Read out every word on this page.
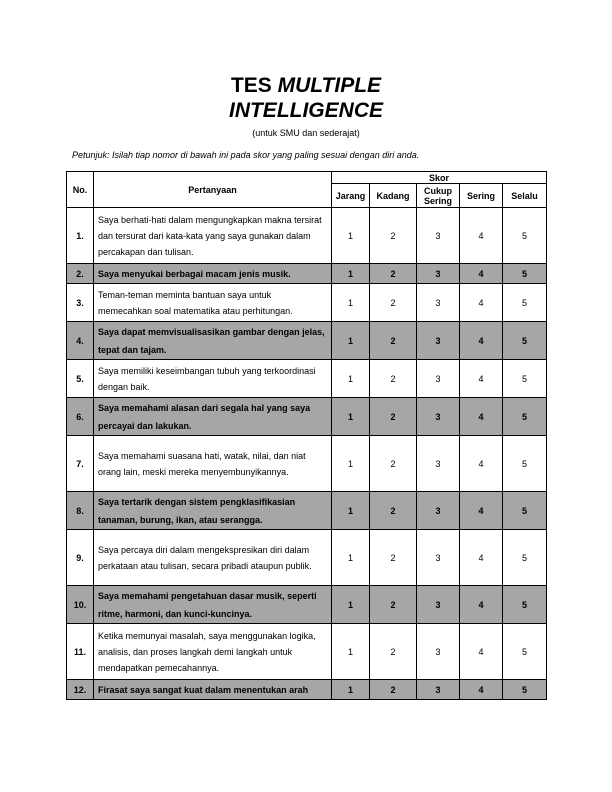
TES MULTIPLE
INTELLIGENCE
(untuk SMU dan sederajat)
Petunjuk: Isilah tiap nomor di bawah ini pada skor yang paling sesuai dengan diri anda.
No.	Pertanyaan	Skor				
		Jarang	Kadang	Cukup Sering	Sering	Selalu
1.	Saya berhati-hati dalam mengungkapkan makna tersirat dan tersurat dari kata-kata yang saya gunakan dalam percakapan dan tulisan.	1	2	3	4	5
2.	Saya menyukai berbagai macam jenis musik.	1	2	3	4	5
3.	Teman-teman meminta bantuan saya untuk memecahkan soal matematika atau perhitungan.	1	2	3	4	5
4.	Saya dapat memvisualisasikan gambar dengan jelas, tepat dan tajam.	1	2	3	4	5
5.	Saya memiliki keseimbangan tubuh yang terkoordinasi dengan baik.	1	2	3	4	5
6.	Saya memahami alasan dari segala hal yang saya percayai dan lakukan.	1	2	3	4	5
7.	Saya memahami suasana hati, watak, nilai, dan niat orang lain, meski mereka menyembunyikannya.	1	2	3	4	5
8.	Saya tertarik dengan sistem pengklasifikasian tanaman, burung, ikan, atau serangga.	1	2	3	4	5
9.	Saya percaya diri dalam mengekspresikan diri dalam perkataan atau tulisan, secara pribadi ataupun publik.	1	2	3	4	5
10.	Saya memahami pengetahuan dasar musik, seperti ritme, harmoni, dan kunci-kuncinya.	1	2	3	4	5
11.	Ketika memunyai masalah, saya menggunakan logika, analisis, dan proses langkah demi langkah untuk mendapatkan pemecahannya.	1	2	3	4	5
12.	Firasat saya sangat kuat dalam menentukan arah	1	2	3	4	5
